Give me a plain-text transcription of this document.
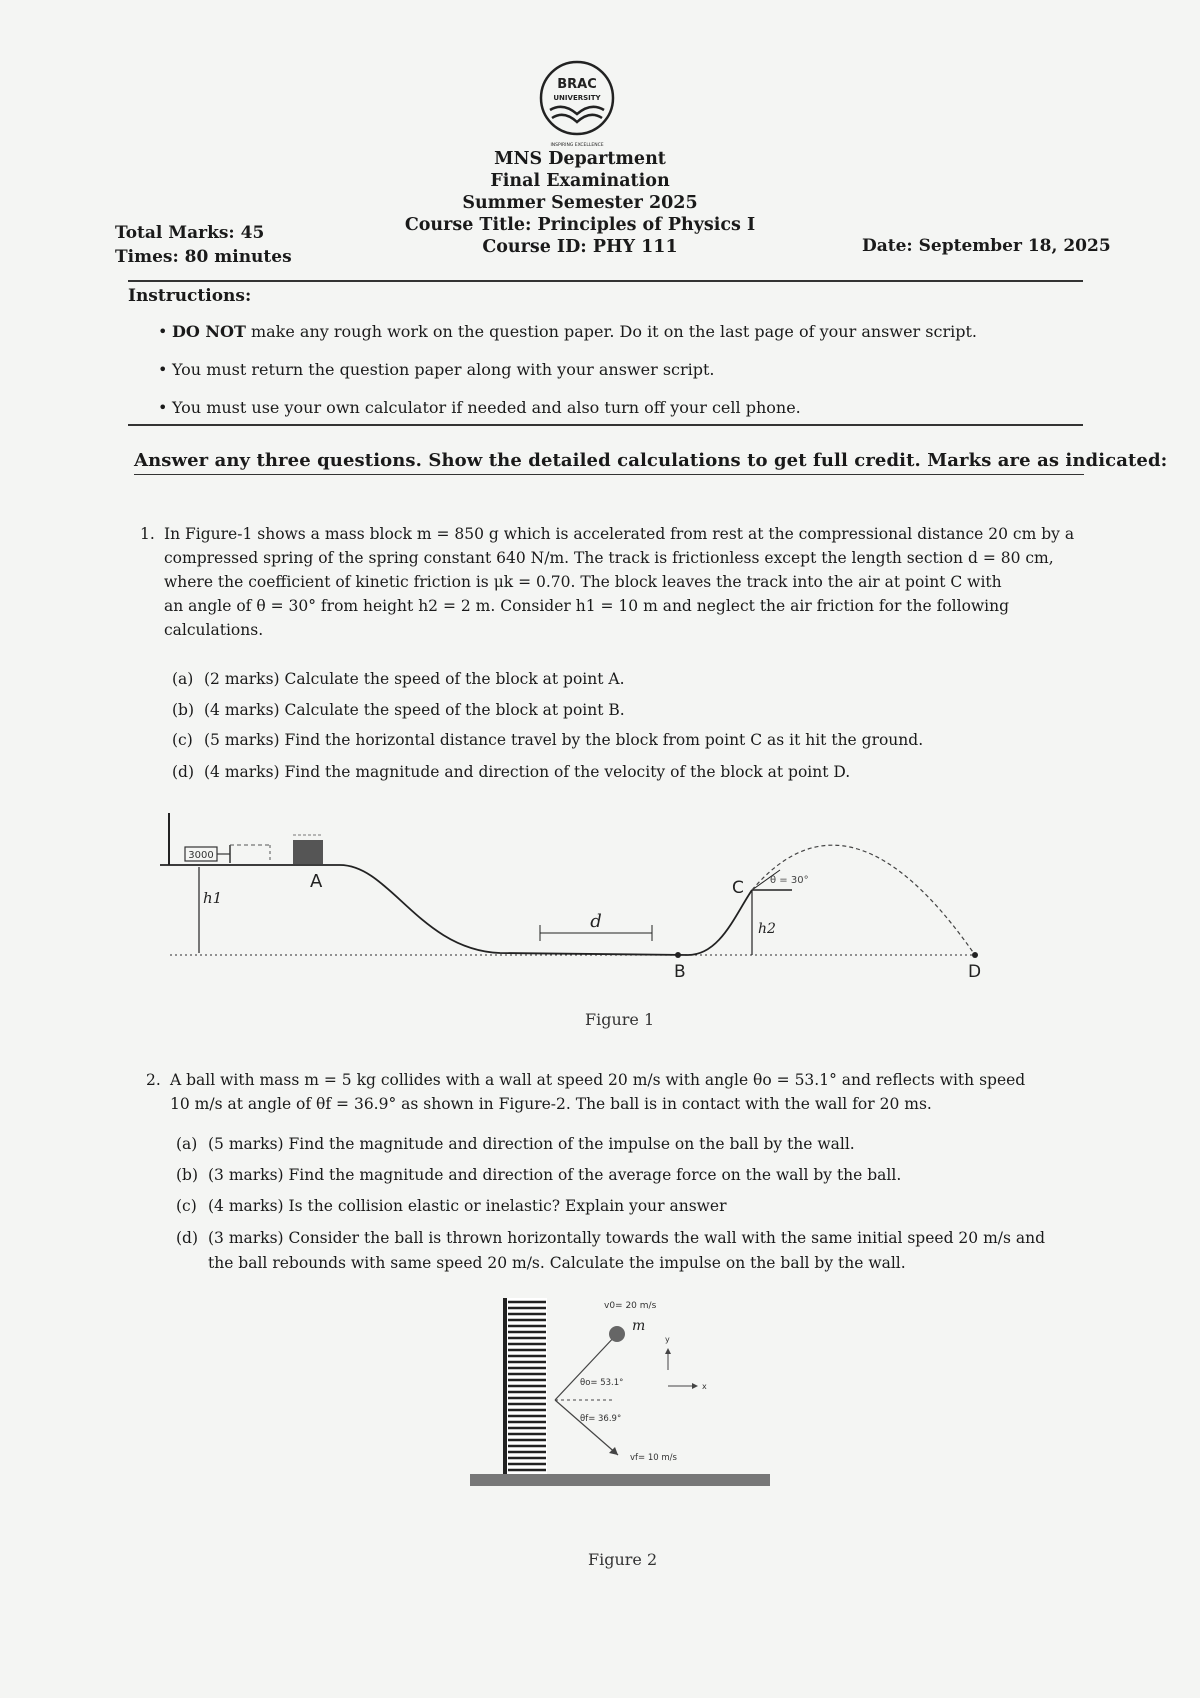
BRAC
UNIVERSITY
INSPIRING EXCELLENCE
MNS Department
Final Examination
Summer Semester 2025
Course Title: Principles of Physics I
Course ID: PHY 111
Total Marks: 45
Times: 80 minutes
Date: September 18, 2025
Instructions:
• DO NOT make any rough work on the question paper. Do it on the last page of your answer script.
• You must return the question paper along with your answer script.
• You must use your own calculator if needed and also turn off your cell phone.
Answer any three questions. Show the detailed calculations to get full credit. Marks are as indicated:
1. In Figure-1 shows a mass block m = 850 g which is accelerated from rest at the compressional distance 20 cm by a
compressed spring of the spring constant 640 N/m. The track is frictionless except the length section d = 80 cm,
where the coefficient of kinetic friction is μk = 0.70. The block leaves the track into the air at point C with
an angle of θ = 30° from height h2 = 2 m. Consider h1 = 10 m and neglect the air friction for the following
calculations.
(a) (2 marks) Calculate the speed of the block at point A.
(b) (4 marks) Calculate the speed of the block at point B.
(c) (5 marks) Find the horizontal distance travel by the block from point C as it hit the ground.
(d) (4 marks) Find the magnitude and direction of the velocity of the block at point D.
3000
h1
A
d
B
C
h2
θ = 30°
D
Figure 1
2. A ball with mass m = 5 kg collides with a wall at speed 20 m/s with angle θo = 53.1° and reflects with speed
10 m/s at angle of θf = 36.9° as shown in Figure-2. The ball is in contact with the wall for 20 ms.
(a) (5 marks) Find the magnitude and direction of the impulse on the ball by the wall.
(b) (3 marks) Find the magnitude and direction of the average force on the wall by the ball.
(c) (4 marks) Is the collision elastic or inelastic? Explain your answer
(d) (3 marks) Consider the ball is thrown horizontally towards the wall with the same initial speed 20 m/s and
the ball rebounds with same speed 20 m/s. Calculate the impulse on the ball by the wall.
v0= 20 m/s
m
θo= 53.1°
θf= 36.9°
vf= 10 m/s
y
x
Figure 2
